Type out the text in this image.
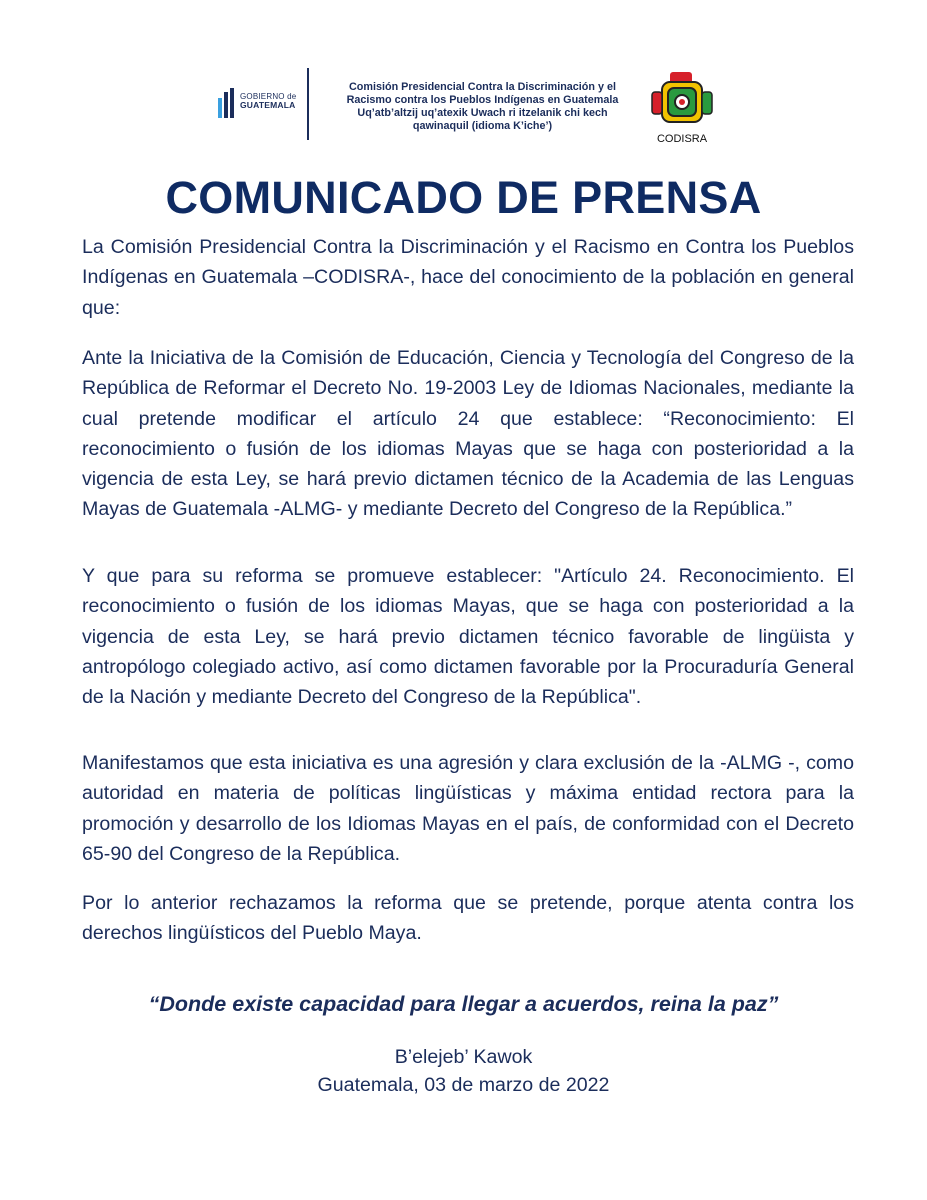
GOBIERNO de
GUATEMALA
Comisión Presidencial Contra la Discriminación y el Racismo contra los Pueblos Indígenas en Guatemala Uq’atb’altzij uq’atexik Uwach ri itzelanik chi kech qawinaquil (idioma K’iche’)
CODISRA
COMUNICADO DE PRENSA
La Comisión Presidencial Contra la Discriminación y el Racismo en Contra los Pueblos Indígenas en Guatemala –CODISRA-, hace del conocimiento de la población en general que:
Ante la Iniciativa de la Comisión de Educación, Ciencia y Tecnología del Congreso de la República de Reformar el Decreto No. 19-2003 Ley de Idiomas Nacionales, mediante la cual pretende modificar el artículo 24 que establece: “Reconocimiento: El reconocimiento o fusión de los idiomas Mayas que se haga con posterioridad a la vigencia de esta Ley, se hará previo dictamen técnico de la Academia de las Lenguas Mayas de Guatemala -ALMG- y mediante Decreto del Congreso de la República.”
Y que para su reforma se promueve establecer: "Artículo 24. Reconocimiento. El reconocimiento o fusión de los idiomas Mayas, que se haga con posterioridad a la vigencia de esta Ley, se hará previo dictamen técnico favorable de lingüista y antropólogo colegiado activo, así como dictamen favorable por la Procuraduría General de la Nación y mediante Decreto del Congreso de la República".
Manifestamos que esta iniciativa es una agresión y clara exclusión de la -ALMG -, como autoridad en materia de políticas lingüísticas y máxima entidad rectora para la promoción y desarrollo de los Idiomas Mayas en el país, de conformidad con el Decreto 65-90 del Congreso de la República.
Por lo anterior rechazamos la reforma que se pretende, porque atenta contra los derechos lingüísticos del Pueblo Maya.
“Donde existe capacidad para llegar a acuerdos, reina la paz”
B’elejeb’ Kawok
Guatemala, 03 de marzo de 2022
